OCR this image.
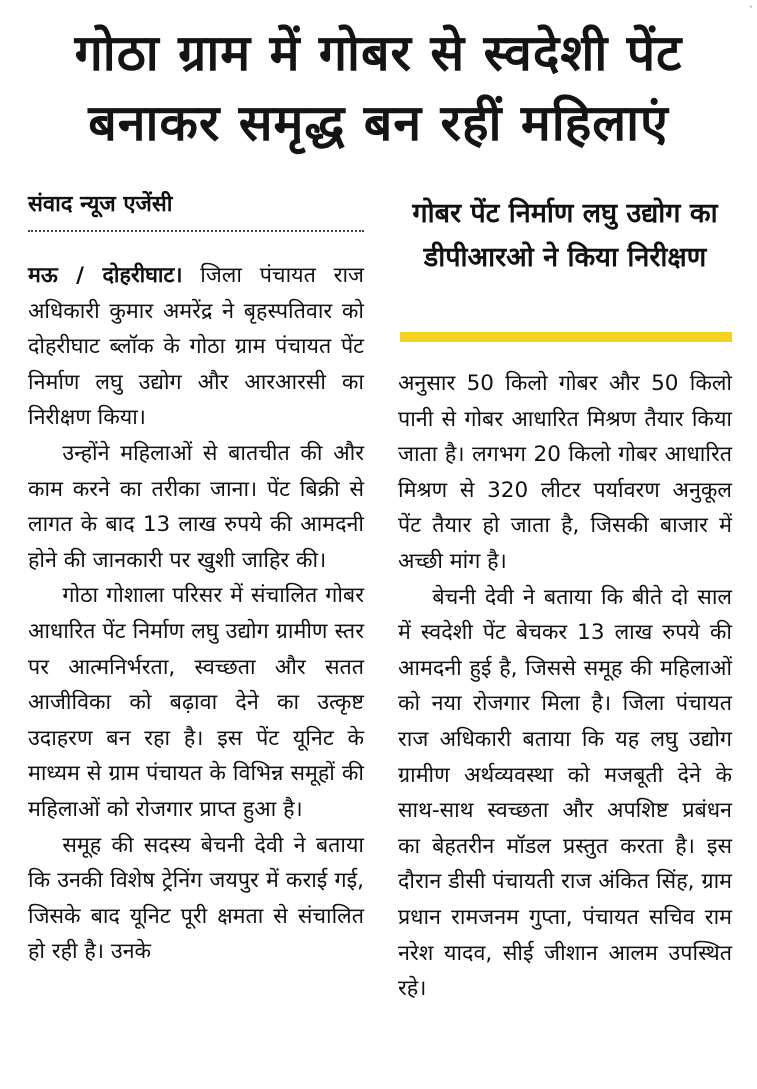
·
गोठा ग्राम में गोबर से स्वदेशी पेंट
बनाकर समृद्ध बन रहीं महिलाएं
संवाद न्यूज एजेंसी

मऊ / दोहरीघाट। जिला पंचायत राज अधिकारी कुमार अमरेंद्र ने बृहस्पतिवार को दोहरीघाट ब्लॉक के गोठा ग्राम पंचायत पेंट निर्माण लघु उद्योग और आरआरसी का निरीक्षण किया।

उन्होंने महिलाओं से बातचीत की और काम करने का तरीका जाना। पेंट बिक्री से लागत के बाद 13 लाख रुपये की आमदनी होने की जानकारी पर खुशी जाहिर की।

गोठा गोशाला परिसर में संचालित गोबर आधारित पेंट निर्माण लघु उद्योग ग्रामीण स्तर पर आत्मनिर्भरता, स्वच्छता और सतत आजीविका को बढ़ावा देने का उत्कृष्ट उदाहरण बन रहा है। इस पेंट यूनिट के माध्यम से ग्राम पंचायत के विभिन्न समूहों की महिलाओं को रोजगार प्राप्त हुआ है।

समूह की सदस्य बेचनी देवी ने बताया कि उनकी विशेष ट्रेनिंग जयपुर में कराई गई, जिसके बाद यूनिट पूरी क्षमता से संचालित हो रही है। उनके

गोबर पेंट निर्माण लघु उद्योग का डीपीआरओ ने किया निरीक्षण

अनुसार 50 किलो गोबर और 50 किलो पानी से गोबर आधारित मिश्रण तैयार किया जाता है। लगभग 20 किलो गोबर आधारित मिश्रण से 320 लीटर पर्यावरण अनुकूल पेंट तैयार हो जाता है, जिसकी बाजार में अच्छी मांग है।

बेचनी देवी ने बताया कि बीते दो साल में स्वदेशी पेंट बेचकर 13 लाख रुपये की आमदनी हुई है, जिससे समूह की महिलाओं को नया रोजगार मिला है। जिला पंचायत राज अधिकारी बताया कि यह लघु उद्योग ग्रामीण अर्थव्यवस्था को मजबूती देने के साथ-साथ स्वच्छता और अपशिष्ट प्रबंधन का बेहतरीन मॉडल प्रस्तुत करता है। इस दौरान डीसी पंचायती राज अंकित सिंह, ग्राम प्रधान रामजनम गुप्ता, पंचायत सचिव राम नरेश यादव, सीई जीशान आलम उपस्थित रहे।
